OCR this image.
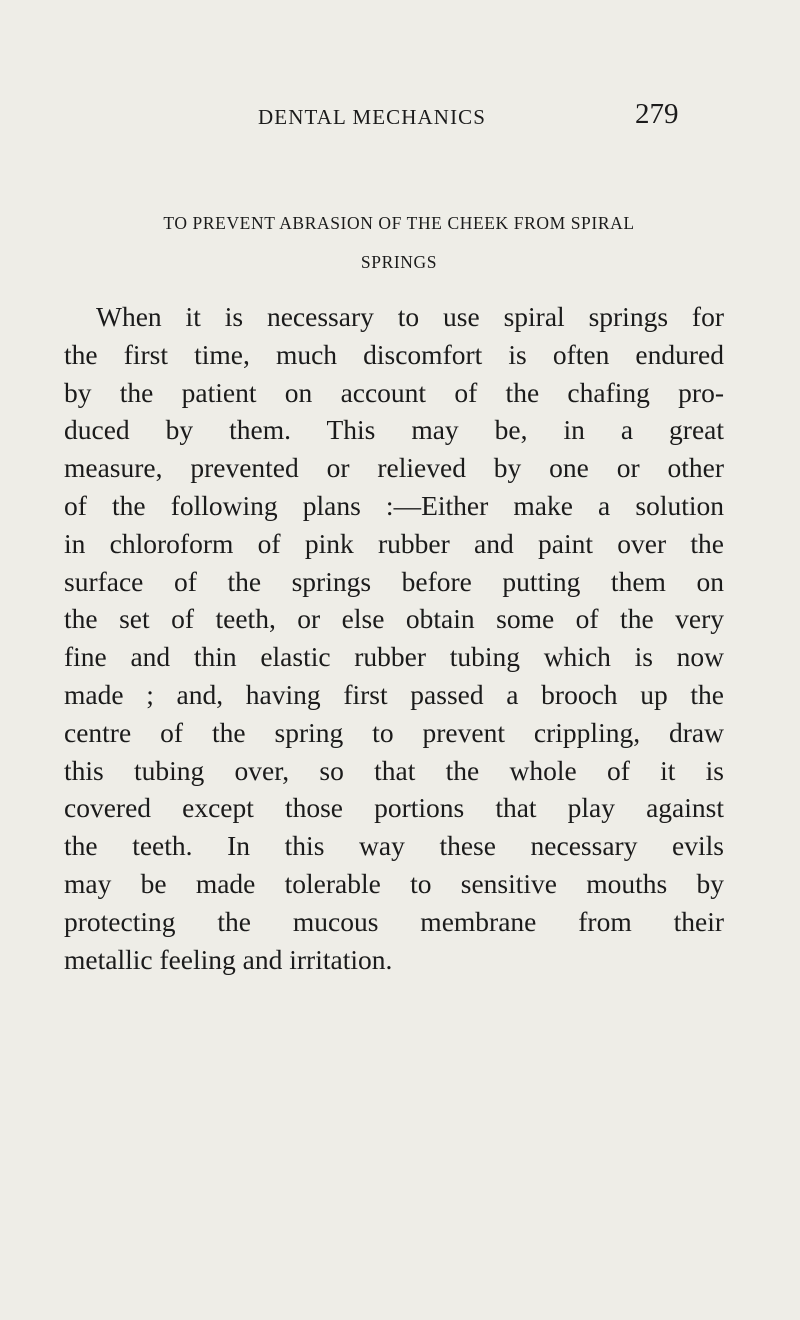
DENTAL MECHANICS	279
TO PREVENT ABRASION OF THE CHEEK FROM SPIRAL
SPRINGS
When it is necessary to use spiral springs for
the first time, much discomfort is often endured
by the patient on account of the chafing pro-
duced by them. This may be, in a great
measure, prevented or relieved by one or other
of the following plans :—Either make a solution
in chloroform of pink rubber and paint over the
surface of the springs before putting them on
the set of teeth, or else obtain some of the very
fine and thin elastic rubber tubing which is now
made ; and, having first passed a brooch up the
centre of the spring to prevent crippling, draw
this tubing over, so that the whole of it is
covered except those portions that play against
the teeth. In this way these necessary evils
may be made tolerable to sensitive mouths by
protecting the mucous membrane from their
metallic feeling and irritation.
